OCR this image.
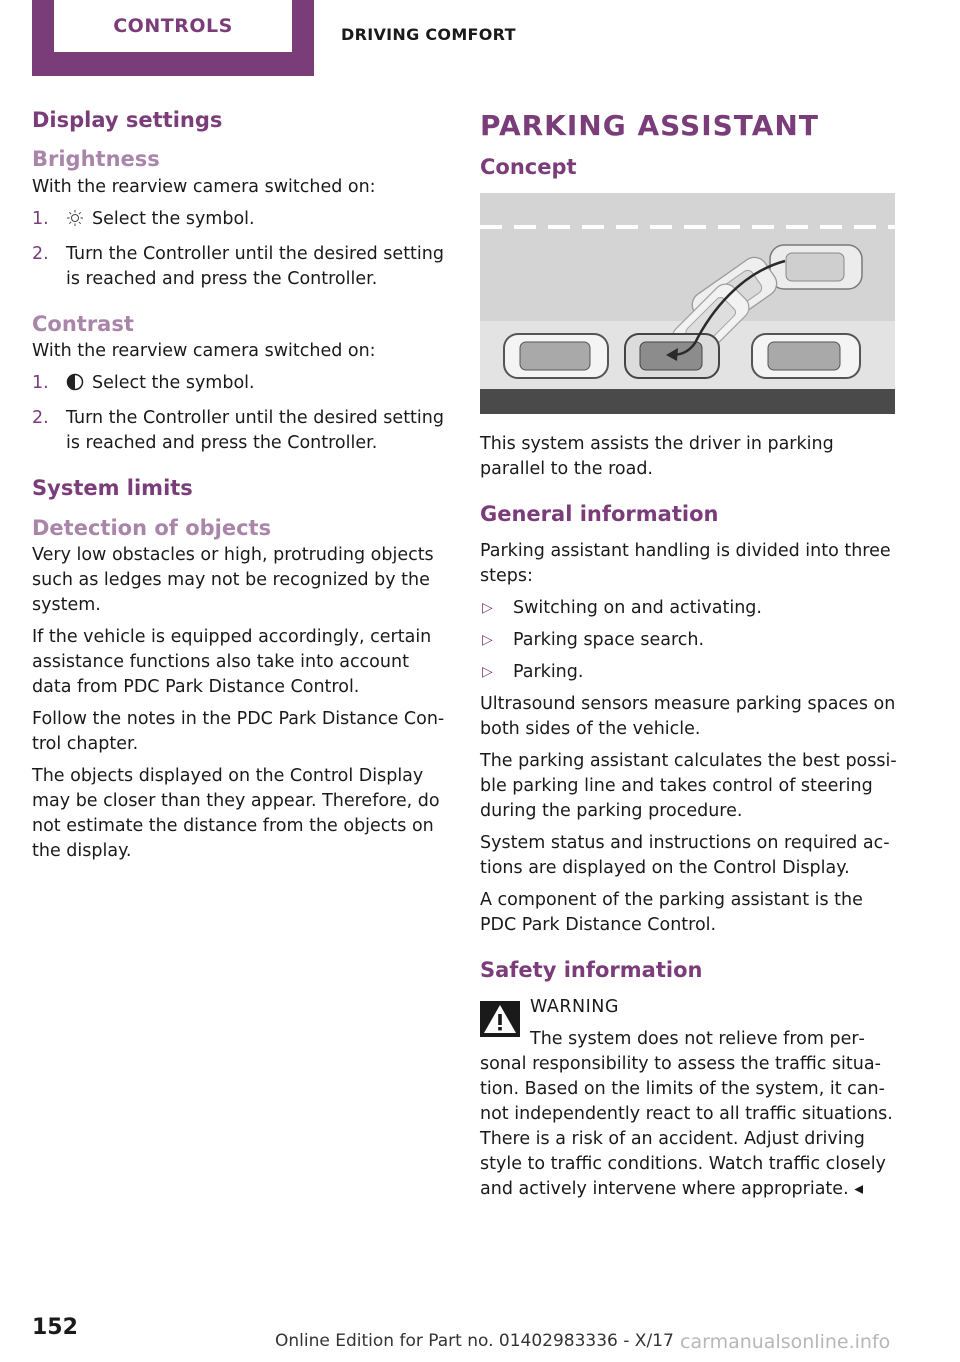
CONTROLS	DRIVING COMFORT
Display settings
Brightness

With the rearview camera switched on:

1. Select the symbol.
2. Turn the Controller until the desired setting is reached and press the Controller.
Contrast

With the rearview camera switched on:

1. Select the symbol.
2. Turn the Controller until the desired setting is reached and press the Controller.
System limits
Detection of objects

Very low obstacles or high, protruding objects such as ledges may not be recognized by the system.

If the vehicle is equipped accordingly, certain assistance functions also take into account data from PDC Park Distance Control.

Follow the notes in the PDC Park Distance Con‐trol chapter.

The objects displayed on the Control Display may be closer than they appear. Therefore, do not estimate the distance from the objects on the display.

PARKING ASSISTANT
Concept

This system assists the driver in parking parallel to the road.

General information

Parking assistant handling is divided into three steps:

▷ Switching on and activating.
▷ Parking space search.
▷ Parking.

Ultrasound sensors measure parking spaces on both sides of the vehicle.

The parking assistant calculates the best possi‐ble parking line and takes control of steering during the parking procedure.

System status and instructions on required ac‐tions are displayed on the Control Display.

A component of the parking assistant is the PDC Park Distance Control.

Safety information
WARNING
The system does not relieve from per‐

sonal responsibility to assess the traffic situa‐tion. Based on the limits of the system, it can‐not independently react to all traffic situations. There is a risk of an accident. Adjust driving style to traffic conditions. Watch traffic closely and actively intervene where appropriate. ◂

152
Online Edition for Part no. 01402983336 - X/17 carmanualsonline.info
